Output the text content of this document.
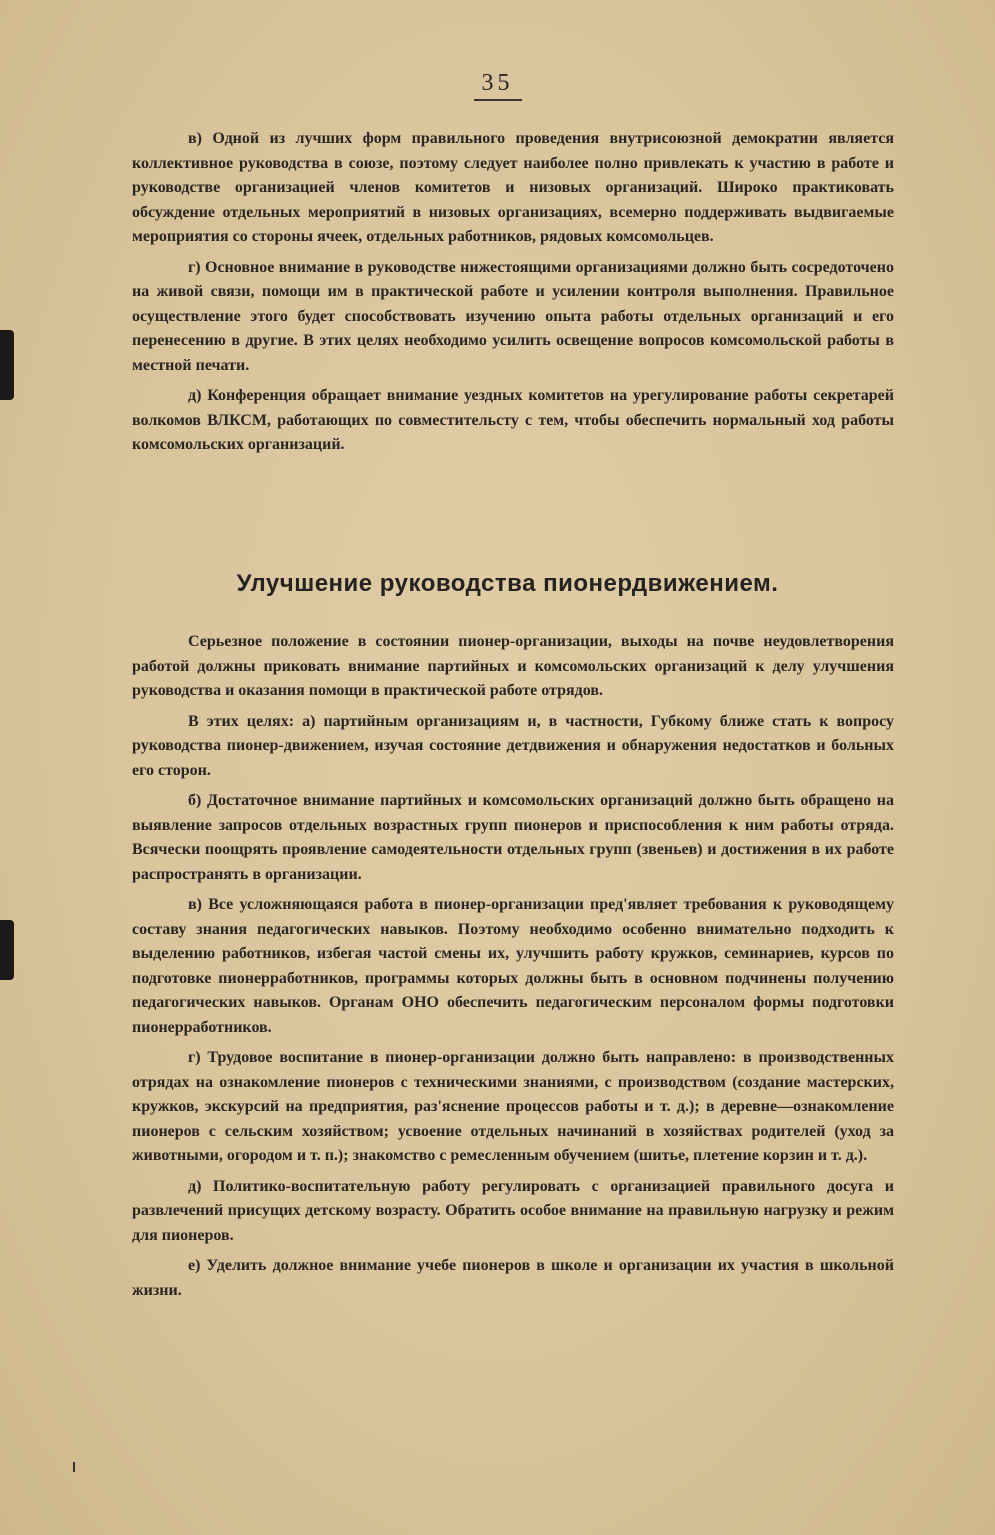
35

в) Одной из лучших форм правильного проведения внутрисоюзной демократии является коллективное руководства в союзе, поэтому следует наиболее полно привлекать к участию в работе и руководстве организацией членов комитетов и низовых организаций. Широко практиковать обсуждение отдельных мероприятий в низовых организациях, всемерно поддерживать выдвигаемые мероприятия со стороны ячеек, отдельных работников, рядовых комсомольцев.

г) Основное внимание в руководстве нижестоящими организациями должно быть сосредоточено на живой связи, помощи им в практической работе и усилении контроля выполнения. Правильное осуществление этого будет способствовать изучению опыта работы отдельных организаций и его перенесению в другие. В этих целях необходимо усилить освещение вопросов комсомольской работы в местной печати.

д) Конференция обращает внимание уездных комитетов на урегулирование работы секретарей волкомов ВЛКСМ, работающих по совместительсту с тем, чтобы обеспечить нормальный ход работы комсомольских организаций.

Улучшение руководства пионердвижением.

Серьезное положение в состоянии пионер-организации, выходы на почве неудовлетворения работой должны приковать внимание партийных и комсомольских организаций к делу улучшения руководства и оказания помощи в практической работе отрядов.

В этих целях: а) партийным организациям и, в частности, Губкому ближе стать к вопросу руководства пионер-движением, изучая состояние детдвижения и обнаружения недостатков и больных его сторон.

б) Достаточное внимание партийных и комсомольских организаций должно быть обращено на выявление запросов отдельных возрастных групп пионеров и приспособления к ним работы отряда. Всячески поощрять проявление самодеятельности отдельных групп (звеньев) и достижения в их работе распространять в организации.

в) Все усложняющаяся работа в пионер-организации пред'являет требования к руководящему составу знания педагогических навыков. Поэтому необходимо особенно внимательно подходить к выделению работников, избегая частой смены их, улучшить работу кружков, семинариев, курсов по подготовке пионерработников, программы которых должны быть в основном подчинены получению педагогических навыков. Органам ОНО обеспечить педагогическим персоналом формы подготовки пионерработников.

г) Трудовое воспитание в пионер-организации должно быть направлено: в производственных отрядах на ознакомление пионеров с техническими знаниями, с производством (создание мастерских, кружков, экскурсий на предприятия, раз'яснение процессов работы и т. д.); в деревне—ознакомление пионеров с сельским хозяйством; усвоение отдельных начинаний в хозяйствах родителей (уход за животными, огородом и т. п.); знакомство с ремесленным обучением (шитье, плетение корзин и т. д.).

д) Политико-воспитательную работу регулировать с организацией правильного досуга и развлечений присущих детскому возрасту. Обратить особое внимание на правильную нагрузку и режим для пионеров.

е) Уделить должное внимание учебе пионеров в школе и организации их участия в школьной жизни.
